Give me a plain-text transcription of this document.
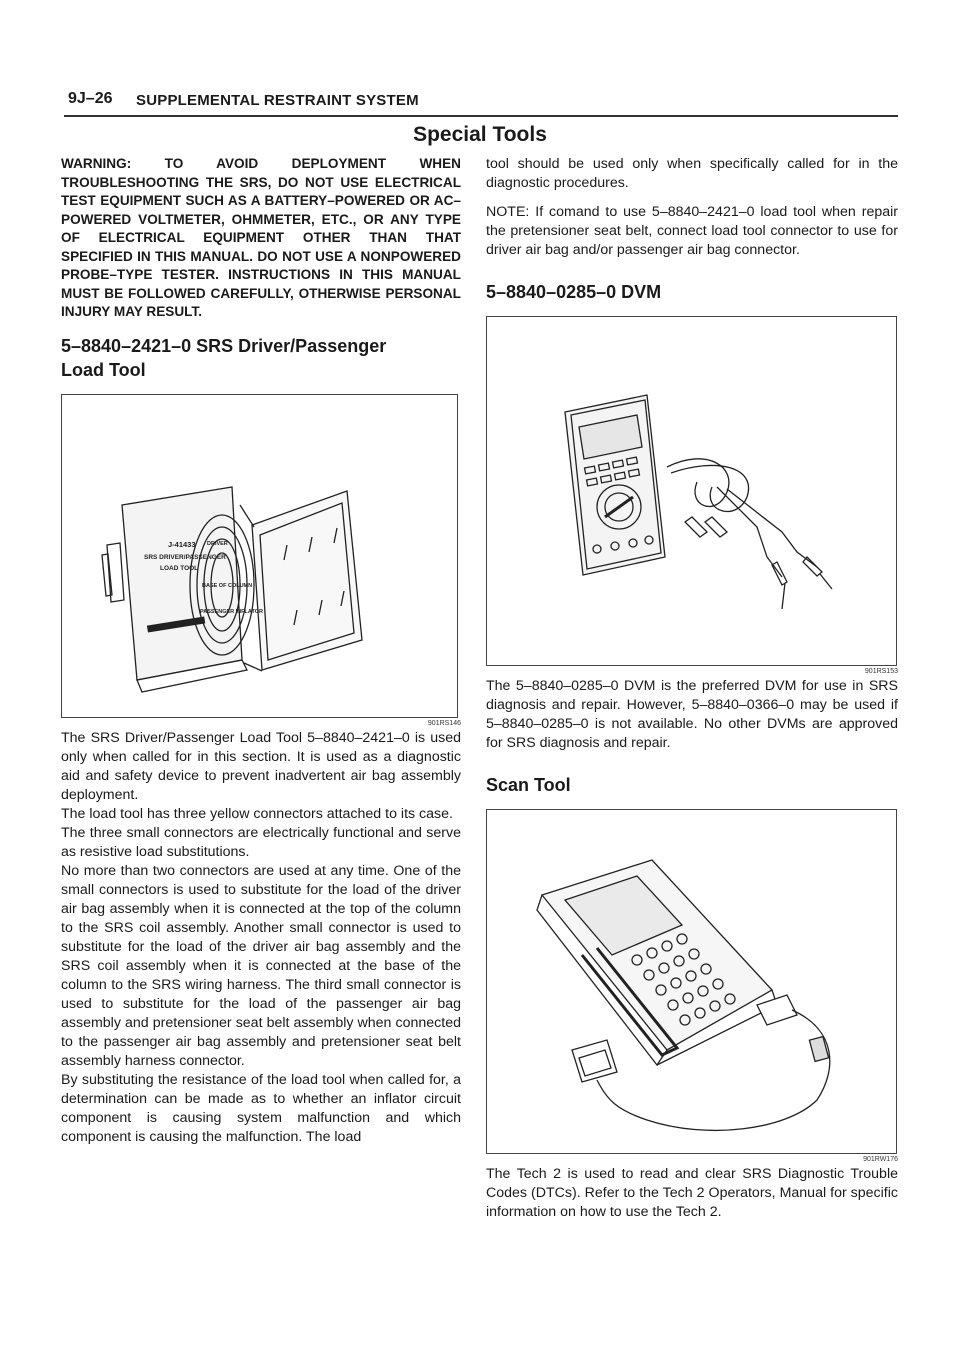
9J–26 SUPPLEMENTAL RESTRAINT SYSTEM
Special Tools

WARNING: TO AVOID DEPLOYMENT WHEN TROUBLESHOOTING THE SRS, DO NOT USE ELECTRICAL TEST EQUIPMENT SUCH AS A BATTERY–POWERED OR AC–POWERED VOLTMETER, OHMMETER, ETC., OR ANY TYPE OF ELECTRICAL EQUIPMENT OTHER THAN THAT SPECIFIED IN THIS MANUAL. DO NOT USE A NONPOWERED PROBE–TYPE TESTER. INSTRUCTIONS IN THIS MANUAL MUST BE FOLLOWED CAREFULLY, OTHERWISE PERSONAL INJURY MAY RESULT.

5–8840–2421–0 SRS Driver/Passenger
Load Tool
J-41433
SRS DRIVER/PASSENGER
LOAD TOOL
DRIVER
BASE OF COLUMN
PASSENGER INFLATOR
901RS146

The SRS Driver/Passenger Load Tool 5–8840–2421–0 is used only when called for in this section. It is used as a diagnostic aid and safety device to prevent inadvertent air bag assembly deployment.

The load tool has three yellow connectors attached to its case.

The three small connectors are electrically functional and serve as resistive load substitutions.

No more than two connectors are used at any time. One of the small connectors is used to substitute for the load of the driver air bag assembly when it is connected at the top of the column to the SRS coil assembly. Another small connector is used to substitute for the load of the driver air bag assembly and the SRS coil assembly when it is connected at the base of the column to the SRS wiring harness. The third small connector is used to substitute for the load of the passenger air bag assembly and pretensioner seat belt assembly when connected to the passenger air bag assembly and pretensioner seat belt assembly harness connector.

By substituting the resistance of the load tool when called for, a determination can be made as to whether an inflator circuit component is causing system malfunction and which component is causing the malfunction. The load

tool should be used only when specifically called for in the diagnostic procedures.

NOTE: If comand to use 5–8840–2421–0 load tool when repair the pretensioner seat belt, connect load tool connector to use for driver air bag and/or passenger air bag connector.

5–8840–0285–0 DVM
901RS153

The 5–8840–0285–0 DVM is the preferred DVM for use in SRS diagnosis and repair. However, 5–8840–0366–0 may be used if 5–8840–0285–0 is not available. No other DVMs are approved for SRS diagnosis and repair.

Scan Tool
901RW176

The Tech 2 is used to read and clear SRS Diagnostic Trouble Codes (DTCs). Refer to the Tech 2 Operators, Manual for specific information on how to use the Tech 2.
